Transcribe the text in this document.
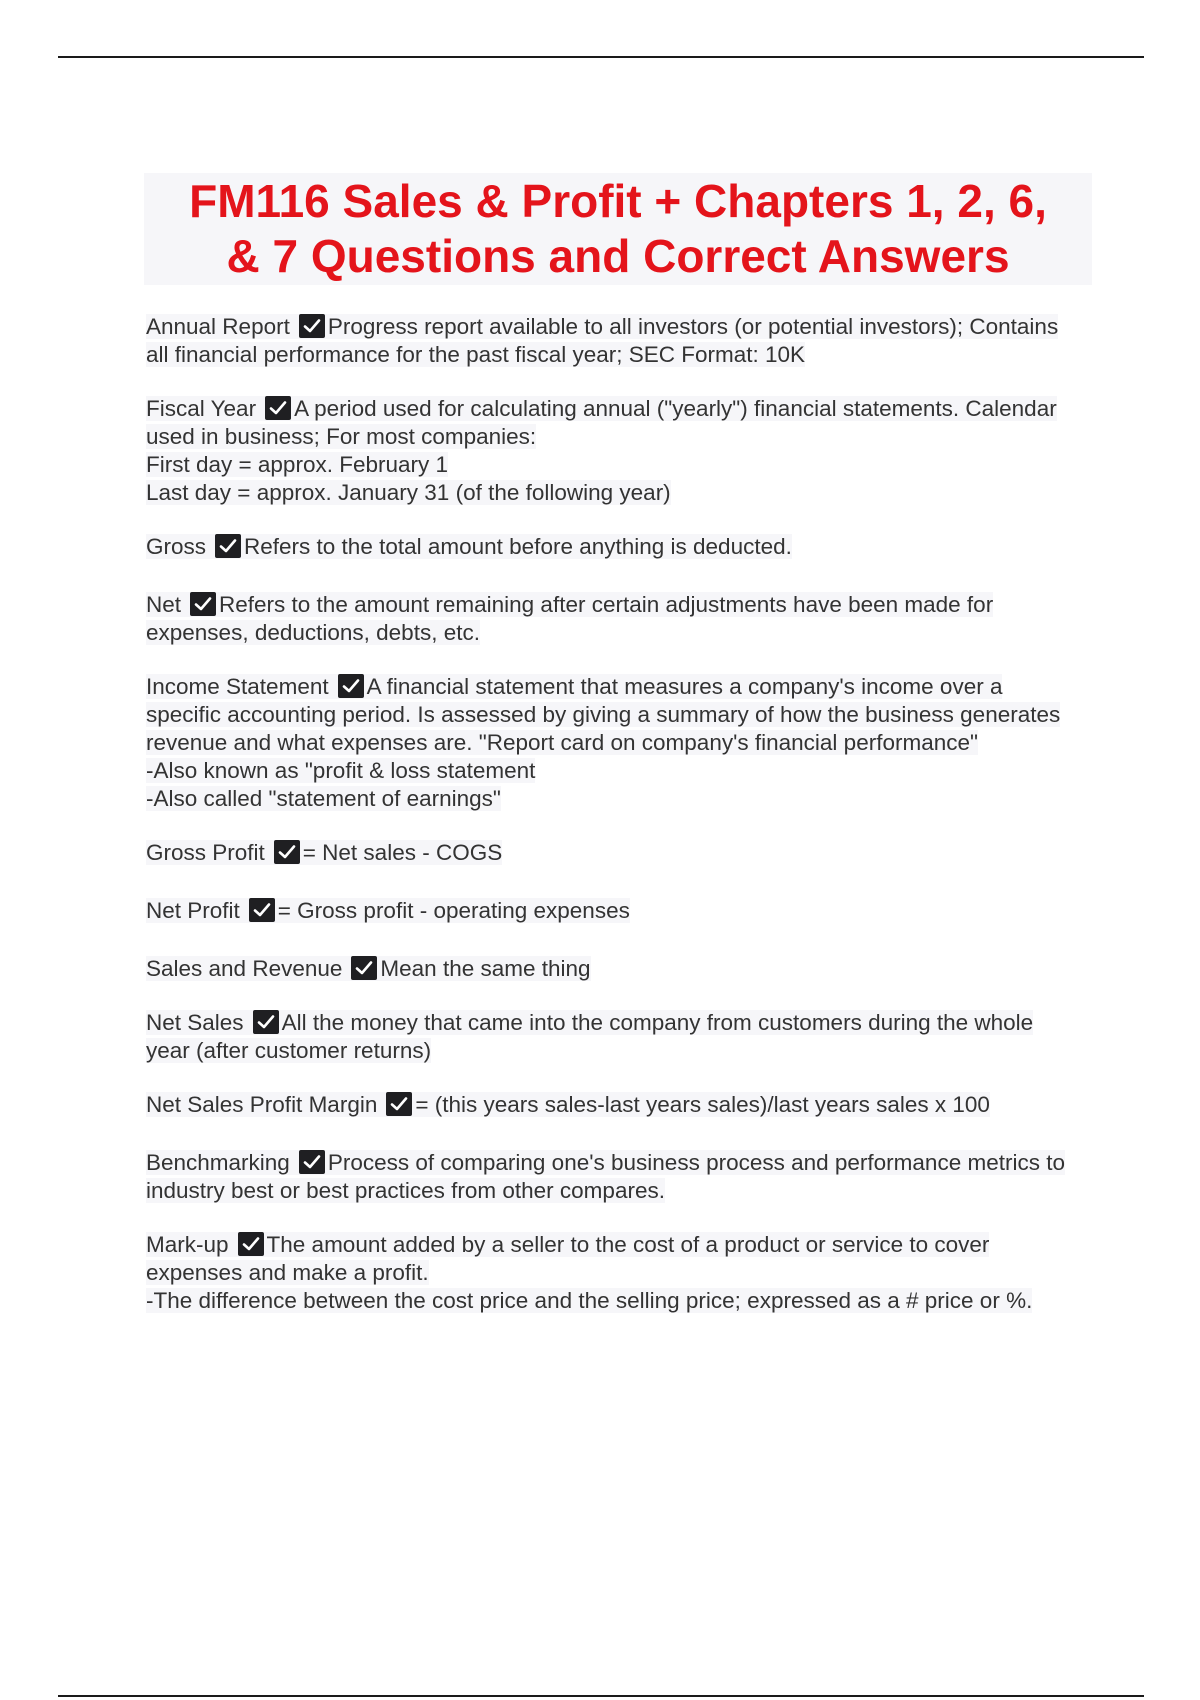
FM116 Sales & Profit + Chapters 1, 2, 6,
& 7 Questions and Correct Answers
Annual Report Progress report available to all investors (or potential investors); Contains all financial performance for the past fiscal year; SEC Format: 10K
Fiscal Year A period used for calculating annual ("yearly") financial statements. Calendar used in business; For most companies:
First day = approx. February 1
Last day = approx. January 31 (of the following year)
Gross Refers to the total amount before anything is deducted.
Net Refers to the amount remaining after certain adjustments have been made for expenses, deductions, debts, etc.
Income Statement A financial statement that measures a company's income over a specific accounting period. Is assessed by giving a summary of how the business generates revenue and what expenses are. "Report card on company's financial performance"
-Also known as "profit & loss statement
-Also called "statement of earnings"
Gross Profit = Net sales - COGS
Net Profit = Gross profit - operating expenses
Sales and Revenue Mean the same thing
Net Sales All the money that came into the company from customers during the whole year (after customer returns)
Net Sales Profit Margin = (this years sales-last years sales)/last years sales x 100
Benchmarking Process of comparing one's business process and performance metrics to industry best or best practices from other compares.
Mark-up The amount added by a seller to the cost of a product or service to cover expenses and make a profit.
-The difference between the cost price and the selling price; expressed as a # price or %.
